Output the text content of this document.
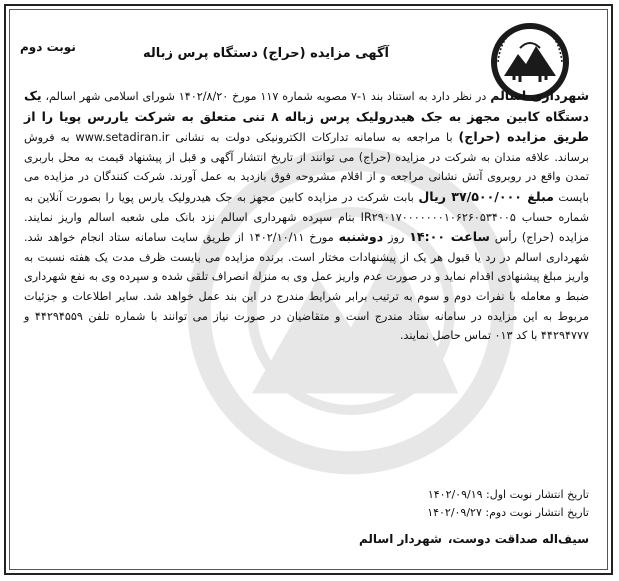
نوبت دوم	آگهی مزایده (حراج) دستگاه پرس زباله
شهرداری اسالم در نظر دارد به استناد بند ۱-۷ مصوبه شماره ۱۱۷ مورخ ۱۴۰۲/۸/۲۰ شورای اسلامی شهر اسالم، یک دستگاه کابین مجهز به جک هیدرولیک پرس زباله ۸ تنی متعلق به شرکت یاررس پویا را از طریق مزایده (حراج) با مراجعه به سامانه تدارکات الکترونیکی دولت به نشانی www.setadiran.ir به فروش برساند. علاقه مندان به شرکت در مزایده (حراج) می توانند از تاریخ انتشار آگهی و قبل از پیشنهاد قیمت به محل باربری تمدن واقع در روبروی آتش نشانی مراجعه و از اقلام مشروحه فوق بازدید به عمل آورند. شرکت کنندگان در مزایده می بایست مبلغ ۳۷/۵۰۰/۰۰۰ ریال بابت شرکت در مزایده کابین مجهز به جک هیدرولیک یارس پویا را بصورت آنلاین به شماره حساب IR۲۹۰۱۷۰۰۰۰۰۰۰۱۰۶۲۶۰۵۳۴۰۰۵ بنام سپرده شهرداری اسالم نزد بانک ملی شعبه اسالم واریز نمایند. مزایده (حراج) رأس ساعت ۱۴:۰۰ روز دوشنبه مورخ ۱۴۰۲/۱۰/۱۱ از طریق سایت سامانه ستاد انجام خواهد شد. شهرداری اسالم در رد یا قبول هر یک از پیشنهادات مختار است. برنده مزایده می بایست ظرف مدت یک هفته نسبت به واریز مبلغ پیشنهادی اقدام نماید و در صورت عدم واریز عمل وی به منزله انصراف تلقی شده و سپرده وی به نفع شهرداری ضبط و معامله با نفرات دوم و سوم به ترتیب برابر شرایط مندرج در این بند عمل خواهد شد. سایر اطلاعات و جزئیات مربوط به این مزایده در سامانه ستاد مندرج است و متقاضیان در صورت نیاز می توانند با شماره تلفن ۴۴۲۹۴۵۵۹ و ۴۴۲۹۴۷۷۷ با کد ۰۱۳ تماس حاصل نمایند.
تاریخ انتشار نوبت اول: ۱۴۰۲/۰۹/۱۹
تاریخ انتشار نوبت دوم: ۱۴۰۲/۰۹/۲۷
سیف‌اله صداقت دوست،شهردار اسالم
